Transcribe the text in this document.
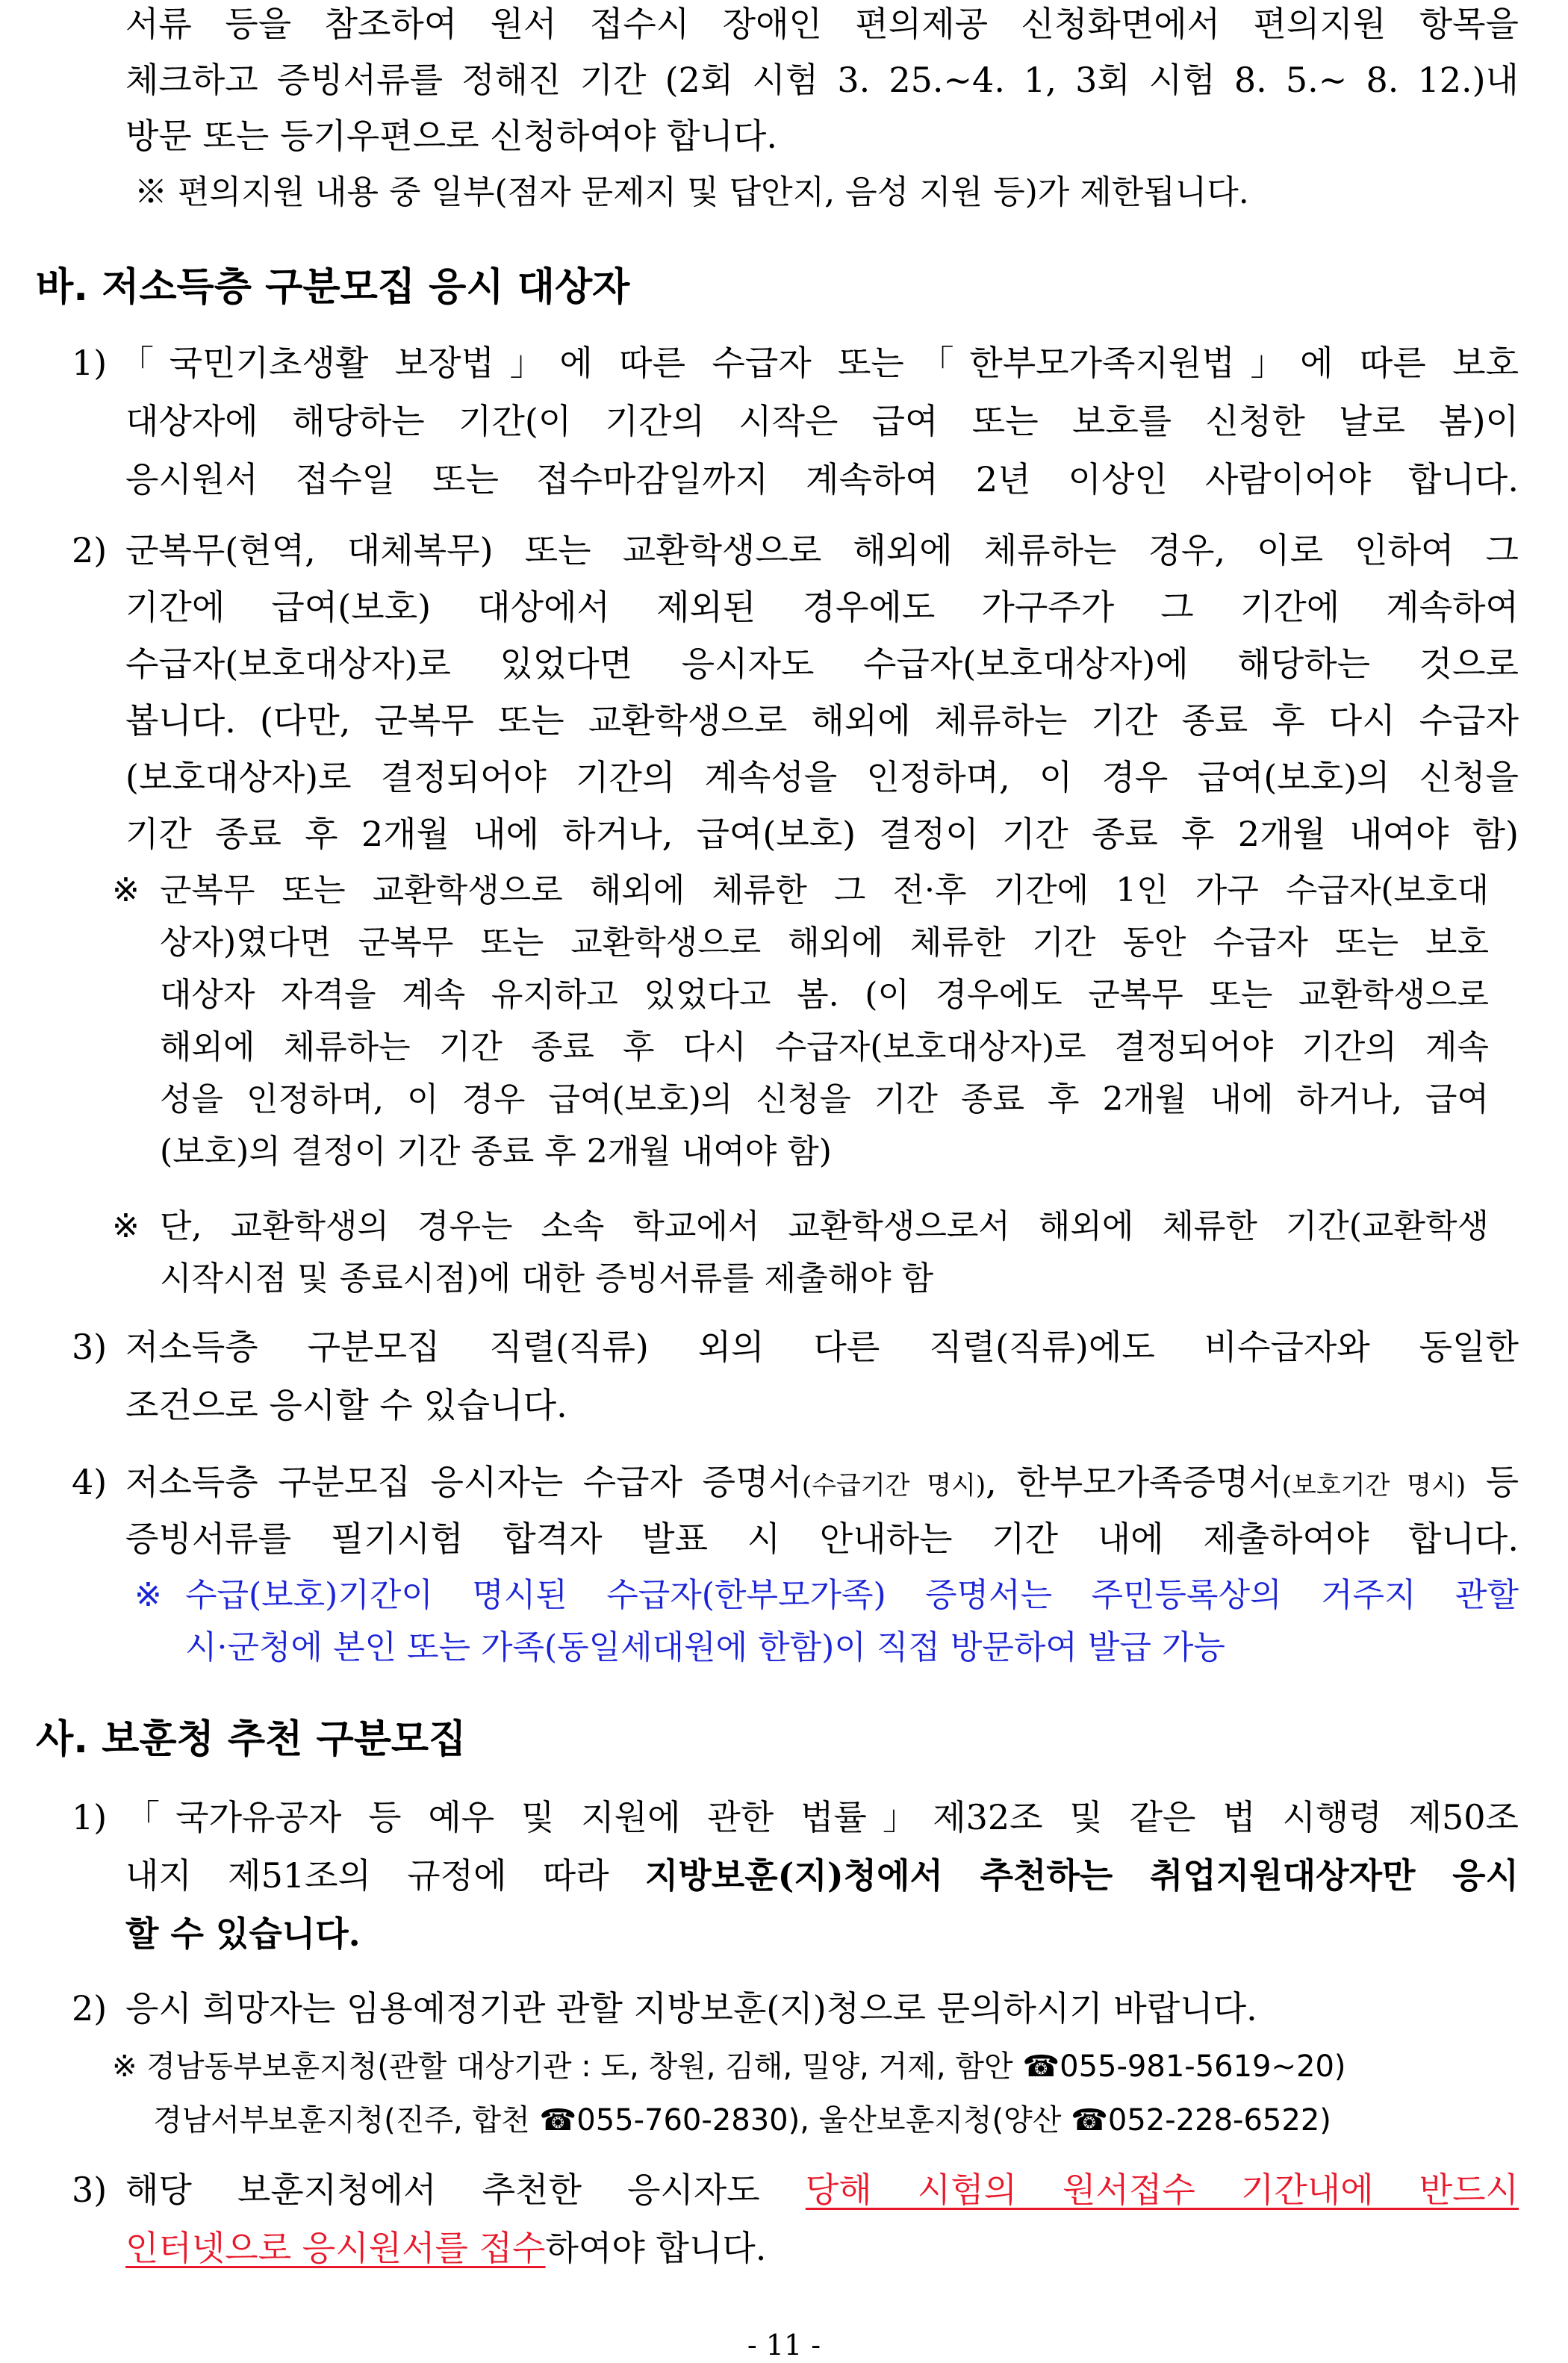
서류 등을 참조하여 원서 접수시 장애인 편의제공 신청화면에서 편의지원 항목을
체크하고 증빙서류를 정해진 기간 (2회 시험 3. 25.~4. 1, 3회 시험 8. 5.~ 8. 12.)내
방문 또는 등기우편으로 신청하여야 합니다.
※ 편의지원 내용 중 일부(점자 문제지 및 답안지, 음성 지원 등)가 제한됩니다.
바. 저소득층 구분모집 응시 대상자
1) 「국민기초생활 보장법」에 따른 수급자 또는「한부모가족지원법」에 따른 보호
대상자에 해당하는 기간(이 기간의 시작은 급여 또는 보호를 신청한 날로 봄)이
응시원서 접수일 또는 접수마감일까지 계속하여 2년 이상인 사람이어야 합니다.
2) 군복무(현역, 대체복무) 또는 교환학생으로 해외에 체류하는 경우, 이로 인하여 그
기간에 급여(보호) 대상에서 제외된 경우에도 가구주가 그 기간에 계속하여
수급자(보호대상자)로 있었다면 응시자도 수급자(보호대상자)에 해당하는 것으로
봅니다. (다만, 군복무 또는 교환학생으로 해외에 체류하는 기간 종료 후 다시 수급자
(보호대상자)로 결정되어야 기간의 계속성을 인정하며, 이 경우 급여(보호)의 신청을
기간 종료 후 2개월 내에 하거나, 급여(보호) 결정이 기간 종료 후 2개월 내여야 함)
※ 군복무 또는 교환학생으로 해외에 체류한 그 전·후 기간에 1인 가구 수급자(보호대
상자)였다면 군복무 또는 교환학생으로 해외에 체류한 기간 동안 수급자 또는 보호
대상자 자격을 계속 유지하고 있었다고 봄. (이 경우에도 군복무 또는 교환학생으로
해외에 체류하는 기간 종료 후 다시 수급자(보호대상자)로 결정되어야 기간의 계속
성을 인정하며, 이 경우 급여(보호)의 신청을 기간 종료 후 2개월 내에 하거나, 급여
(보호)의 결정이 기간 종료 후 2개월 내여야 함)
※ 단, 교환학생의 경우는 소속 학교에서 교환학생으로서 해외에 체류한 기간(교환학생
시작시점 및 종료시점)에 대한 증빙서류를 제출해야 함
3) 저소득층 구분모집 직렬(직류) 외의 다른 직렬(직류)에도 비수급자와 동일한
조건으로 응시할 수 있습니다.
4) 저소득층 구분모집 응시자는 수급자 증명서(수급기간 명시), 한부모가족증명서(보호기간 명시) 등
증빙서류를 필기시험 합격자 발표 시 안내하는 기간 내에 제출하여야 합니다.
※ 수급(보호)기간이 명시된 수급자(한부모가족) 증명서는 주민등록상의 거주지 관할
시·군청에 본인 또는 가족(동일세대원에 한함)이 직접 방문하여 발급 가능
사. 보훈청 추천 구분모집
1) 「국가유공자 등 예우 및 지원에 관한 법률」제32조 및 같은 법 시행령 제50조
내지 제51조의 규정에 따라 지방보훈(지)청에서 추천하는 취업지원대상자만 응시
할 수 있습니다.
2) 응시 희망자는 임용예정기관 관할 지방보훈(지)청으로 문의하시기 바랍니다.
※ 경남동부보훈지청(관할 대상기관 : 도, 창원, 김해, 밀양, 거제, 함안 ☎055-981-5619~20)
경남서부보훈지청(진주, 합천 ☎055-760-2830), 울산보훈지청(양산 ☎052-228-6522)
3) 해당 보훈지청에서 추천한 응시자도 당해 시험의 원서접수 기간내에 반드시
인터넷으로 응시원서를 접수하여야 합니다.
- 11 -
